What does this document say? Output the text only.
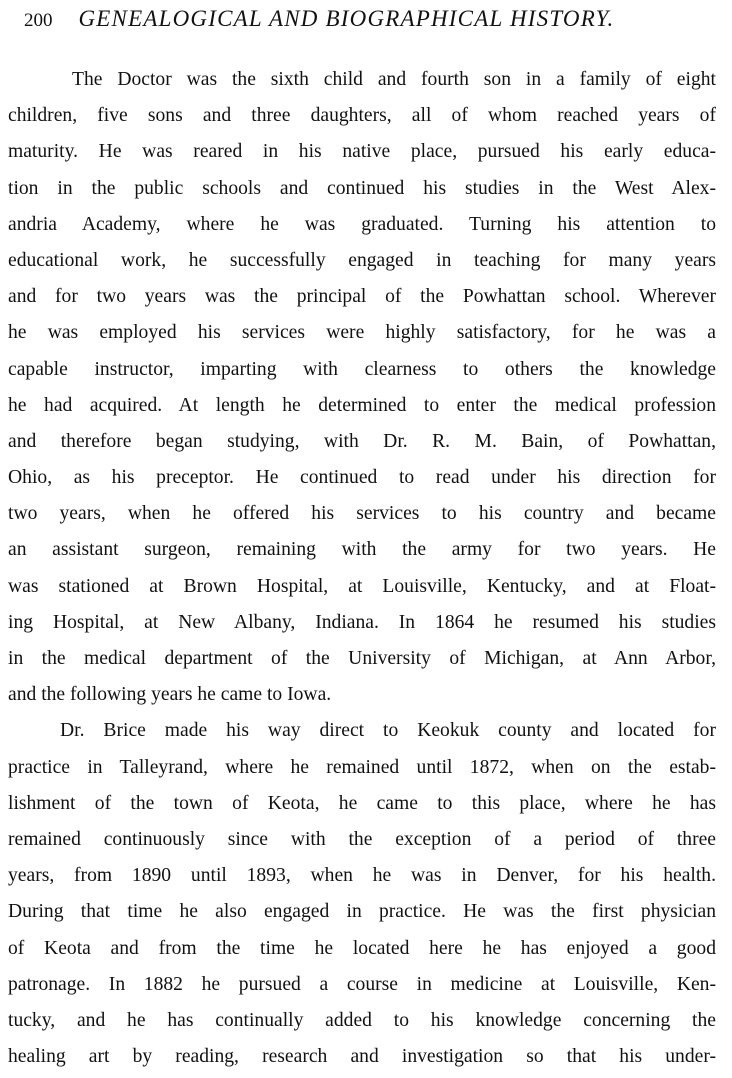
200 GENEALOGICAL AND BIOGRAPHICAL HISTORY.
The Doctor was the sixth child and fourth son in a family of eight
children, five sons and three daughters, all of whom reached years of
maturity. He was reared in his native place, pursued his early educa-
tion in the public schools and continued his studies in the West Alex-
andria Academy, where he was graduated. Turning his attention to
educational work, he successfully engaged in teaching for many years
and for two years was the principal of the Powhattan school. Wherever
he was employed his services were highly satisfactory, for he was a
capable instructor, imparting with clearness to others the knowledge
he had acquired. At length he determined to enter the medical profession
and therefore began studying, with Dr. R. M. Bain, of Powhattan,
Ohio, as his preceptor. He continued to read under his direction for
two years, when he offered his services to his country and became
an assistant surgeon, remaining with the army for two years. He
was stationed at Brown Hospital, at Louisville, Kentucky, and at Float-
ing Hospital, at New Albany, Indiana. In 1864 he resumed his studies
in the medical department of the University of Michigan, at Ann Arbor,
and the following years he came to Iowa.
Dr. Brice made his way direct to Keokuk county and located for
practice in Talleyrand, where he remained until 1872, when on the estab-
lishment of the town of Keota, he came to this place, where he has
remained continuously since with the exception of a period of three
years, from 1890 until 1893, when he was in Denver, for his health.
During that time he also engaged in practice. He was the first physician
of Keota and from the time he located here he has enjoyed a good
patronage. In 1882 he pursued a course in medicine at Louisville, Ken-
tucky, and he has continually added to his knowledge concerning the
healing art by reading, research and investigation so that his under-
